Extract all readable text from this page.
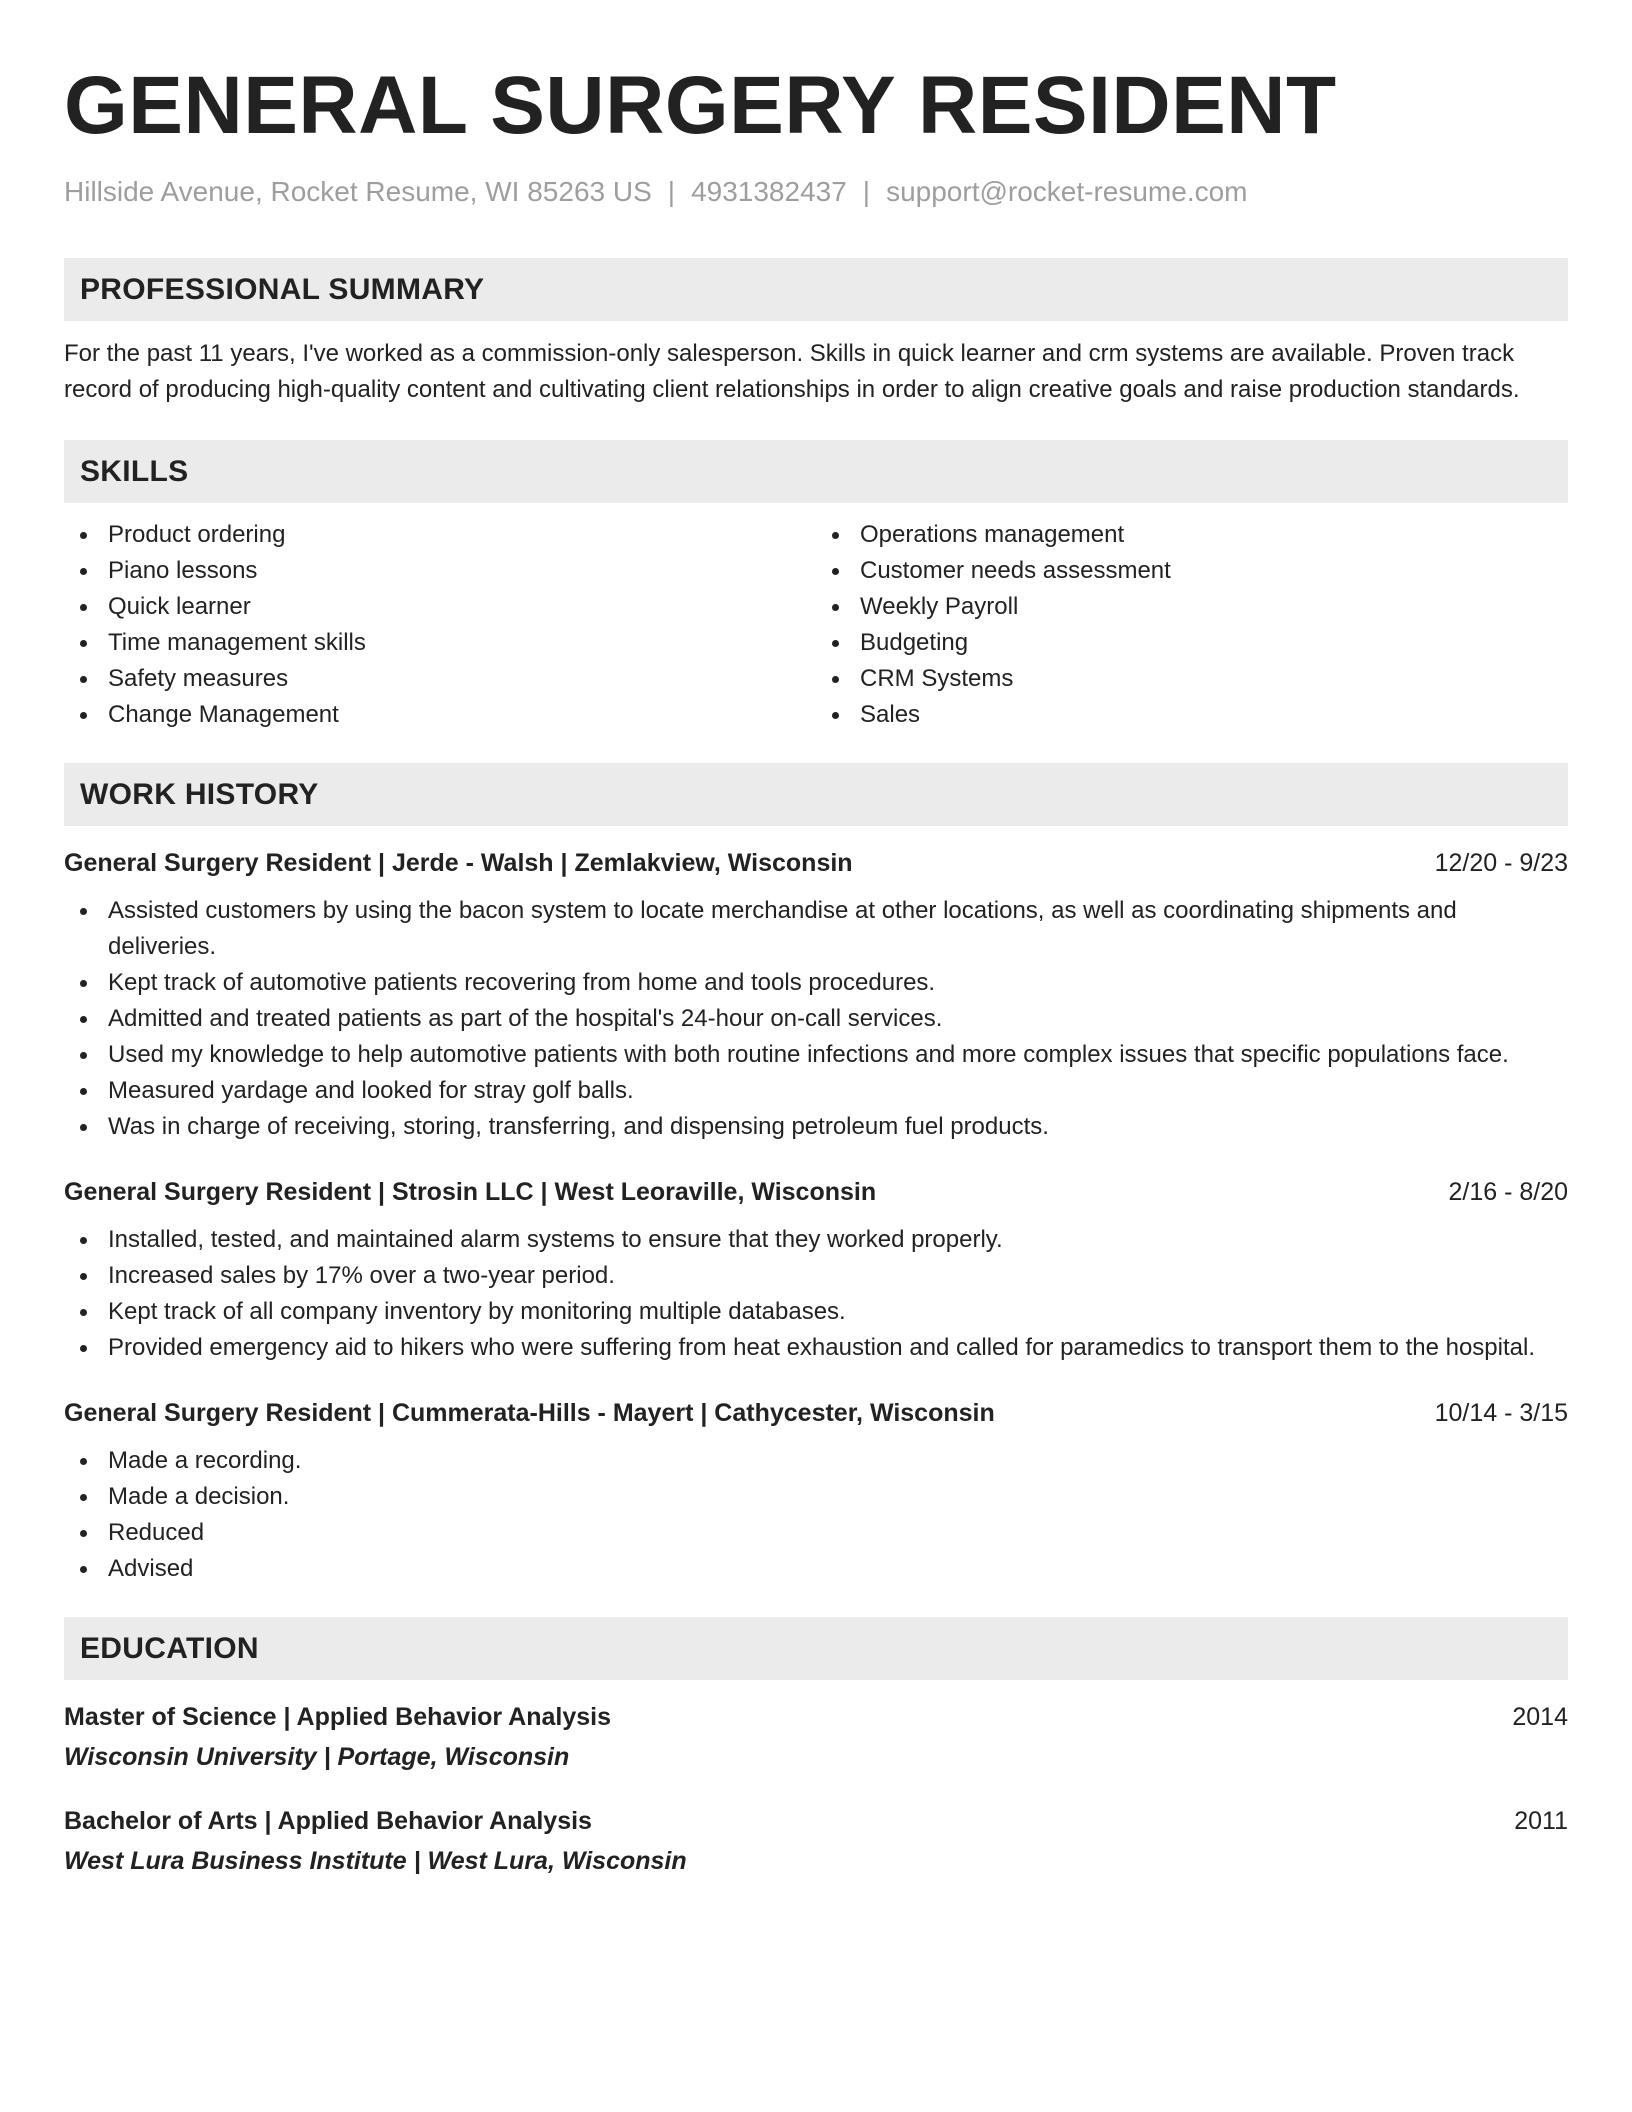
GENERAL SURGERY RESIDENT
Hillside Avenue, Rocket Resume, WI 85263 US | 4931382437 | support@rocket-resume.com
PROFESSIONAL SUMMARY
For the past 11 years, I've worked as a commission-only salesperson. Skills in quick learner and crm systems are available. Proven track record of producing high-quality content and cultivating client relationships in order to align creative goals and raise production standards.
SKILLS
Product ordering
Piano lessons
Quick learner
Time management skills
Safety measures
Change Management
Operations management
Customer needs assessment
Weekly Payroll
Budgeting
CRM Systems
Sales
WORK HISTORY
General Surgery Resident | Jerde - Walsh | Zemlakview, Wisconsin	12/20 - 9/23
Assisted customers by using the bacon system to locate merchandise at other locations, as well as coordinating shipments and deliveries.
Kept track of automotive patients recovering from home and tools procedures.
Admitted and treated patients as part of the hospital's 24-hour on-call services.
Used my knowledge to help automotive patients with both routine infections and more complex issues that specific populations face.
Measured yardage and looked for stray golf balls.
Was in charge of receiving, storing, transferring, and dispensing petroleum fuel products.
General Surgery Resident | Strosin LLC | West Leoraville, Wisconsin	2/16 - 8/20
Installed, tested, and maintained alarm systems to ensure that they worked properly.
Increased sales by 17% over a two-year period.
Kept track of all company inventory by monitoring multiple databases.
Provided emergency aid to hikers who were suffering from heat exhaustion and called for paramedics to transport them to the hospital.
General Surgery Resident | Cummerata-Hills - Mayert | Cathycester, Wisconsin	10/14 - 3/15
Made a recording.
Made a decision.
Reduced
Advised
EDUCATION
Master of Science | Applied Behavior Analysis	2014
Wisconsin University | Portage, Wisconsin
Bachelor of Arts | Applied Behavior Analysis	2011
West Lura Business Institute | West Lura, Wisconsin
